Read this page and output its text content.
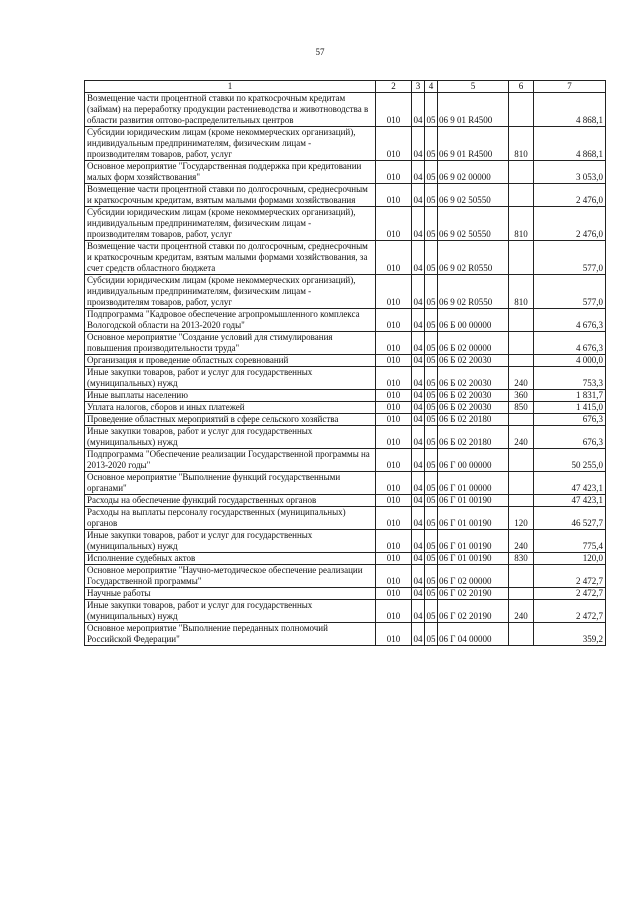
57
1	2	3	4	5	6	7
Возмещение части процентной ставки по краткосрочным кредитам (займам) на переработку продукции растениеводства и животноводства в области развития оптово-распределительных центров	010	04	05	06 9 01 R4500		4 868,1
Субсидии юридическим лицам (кроме некоммерческих организаций), индивидуальным предпринимателям, физическим лицам - производителям товаров, работ, услуг	010	04	05	06 9 01 R4500	810	4 868,1
Основное мероприятие "Государственная поддержка при кредитовании малых форм хозяйствования"	010	04	05	06 9 02 00000		3 053,0
Возмещение части процентной ставки по долгосрочным, среднесрочным и краткосрочным кредитам, взятым малыми формами хозяйствования	010	04	05	06 9 02 50550		2 476,0
Субсидии юридическим лицам (кроме некоммерческих организаций), индивидуальным предпринимателям, физическим лицам - производителям товаров, работ, услуг	010	04	05	06 9 02 50550	810	2 476,0
Возмещение части процентной ставки по долгосрочным, среднесрочным и краткосрочным кредитам, взятым малыми формами хозяйствования, за счет средств областного бюджета	010	04	05	06 9 02 R0550		577,0
Субсидии юридическим лицам (кроме некоммерческих организаций), индивидуальным предпринимателям, физическим лицам - производителям товаров, работ, услуг	010	04	05	06 9 02 R0550	810	577,0
Подпрограмма "Кадровое обеспечение агропромышленного комплекса Вологодской области на 2013-2020 годы"	010	04	05	06 Б 00 00000		4 676,3
Основное мероприятие "Создание условий для стимулирования повышения производительности труда"	010	04	05	06 Б 02 00000		4 676,3
Организация и проведение областных соревнований	010	04	05	06 Б 02 20030		4 000,0
Иные закупки товаров, работ и услуг для государственных (муниципальных) нужд	010	04	05	06 Б 02 20030	240	753,3
Иные выплаты населению	010	04	05	06 Б 02 20030	360	1 831,7
Уплата налогов, сборов и иных платежей	010	04	05	06 Б 02 20030	850	1 415,0
Проведение областных мероприятий в сфере сельского хозяйства	010	04	05	06 Б 02 20180		676,3
Иные закупки товаров, работ и услуг для государственных (муниципальных) нужд	010	04	05	06 Б 02 20180	240	676,3
Подпрограмма "Обеспечение реализации Государственной программы на 2013-2020 годы"	010	04	05	06 Г 00 00000		50 255,0
Основное мероприятие "Выполнение функций государственными органами"	010	04	05	06 Г 01 00000		47 423,1
Расходы на обеспечение функций государственных органов	010	04	05	06 Г 01 00190		47 423,1
Расходы на выплаты персоналу государственных (муниципальных) органов	010	04	05	06 Г 01 00190	120	46 527,7
Иные закупки товаров, работ и услуг для государственных (муниципальных) нужд	010	04	05	06 Г 01 00190	240	775,4
Исполнение судебных актов	010	04	05	06 Г 01 00190	830	120,0
Основное мероприятие "Научно-методическое обеспечение реализации Государственной программы"	010	04	05	06 Г 02 00000		2 472,7
Научные работы	010	04	05	06 Г 02 20190		2 472,7
Иные закупки товаров, работ и услуг для государственных (муниципальных) нужд	010	04	05	06 Г 02 20190	240	2 472,7
Основное мероприятие "Выполнение переданных полномочий Российской Федерации"	010	04	05	06 Г 04 00000		359,2
